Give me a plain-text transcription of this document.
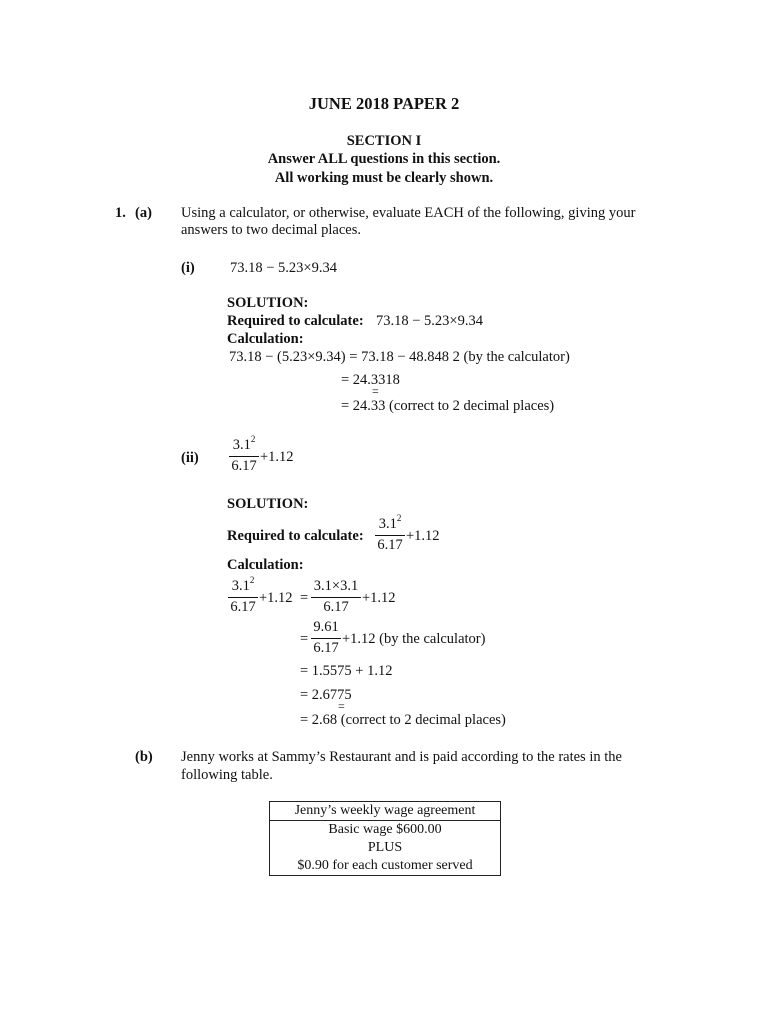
JUNE 2018 PAPER 2
SECTION I
Answer ALL questions in this section.
All working must be clearly shown.
1. (a) Using a calculator, or otherwise, evaluate EACH of the following, giving your
answers to two decimal places.
(i) 73.18 − 5.23×9.34
SOLUTION:
Required to calculate: 73.18 − 5.23×9.34
Calculation:
73.18 − (5.23×9.34) = 73.18 − 48.848 2 (by the calculator)
= 24.3318
=
= 24.33 (correct to 2 decimal places)
(ii)
$3.1^2$
6.17
+1.12
SOLUTION:
Required to calculate:
$3.1^2$
6.17
+1.12
Calculation:
$3.1^2$
6.17
+1.12 =
3.1×3.1
6.17
+1.12
=
9.61
6.17
+1.12 (by the calculator)
= 1.5575 + 1.12
= 2.6775
=
= 2.68 (correct to 2 decimal places)
(b) Jenny works at Sammy’s Restaurant and is paid according to the rates in the
following table.
Jenny’s weekly wage agreement

Basic wage $600.00
PLUS
$0.90 for each customer served
